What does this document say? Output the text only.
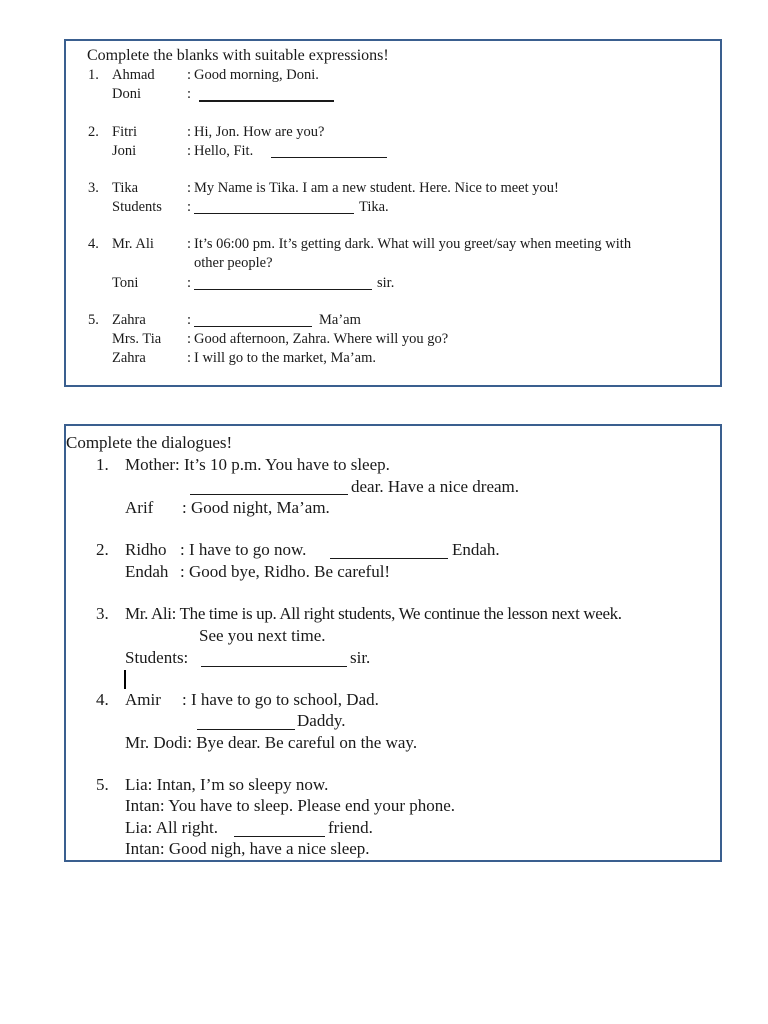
Complete the blanks with suitable expressions!
1. Ahmad : Good morning, Doni.
Doni	:
2. Fitri	: Hi, Jon. How are you?
Joni	: Hello, Fit.
3. Tika	: My Name is Tika. I am a new student. Here. Nice to meet you!
Students :	Tika.
4. Mr. Ali : It’s 06:00 pm. It’s getting dark. What will you greet/say when meeting with
other people?
Toni	:	sir.
5. Zahra	:	Ma’am
Mrs. Tia : Good afternoon, Zahra. Where will you go?
Zahra	: I will go to the market, Ma’am.
Complete the dialogues!
1. Mother: It’s 10 p.m. You have to sleep.
dear. Have a nice dream.
Arif : Good night, Ma’am.
2. Ridho : I have to go now.	Endah.
Endah : Good bye, Ridho. Be careful!
3. Mr. Ali: The time is up. All right students, We continue the lesson next week.
See you next time.
Students:	sir.
4. Amir : I have to go to school, Dad.
Daddy.
Mr. Dodi: Bye dear. Be careful on the way.
5. Lia: Intan, I’m so sleepy now.
Intan: You have to sleep. Please end your phone.
Lia: All right.	friend.
Intan: Good nigh, have a nice sleep.
